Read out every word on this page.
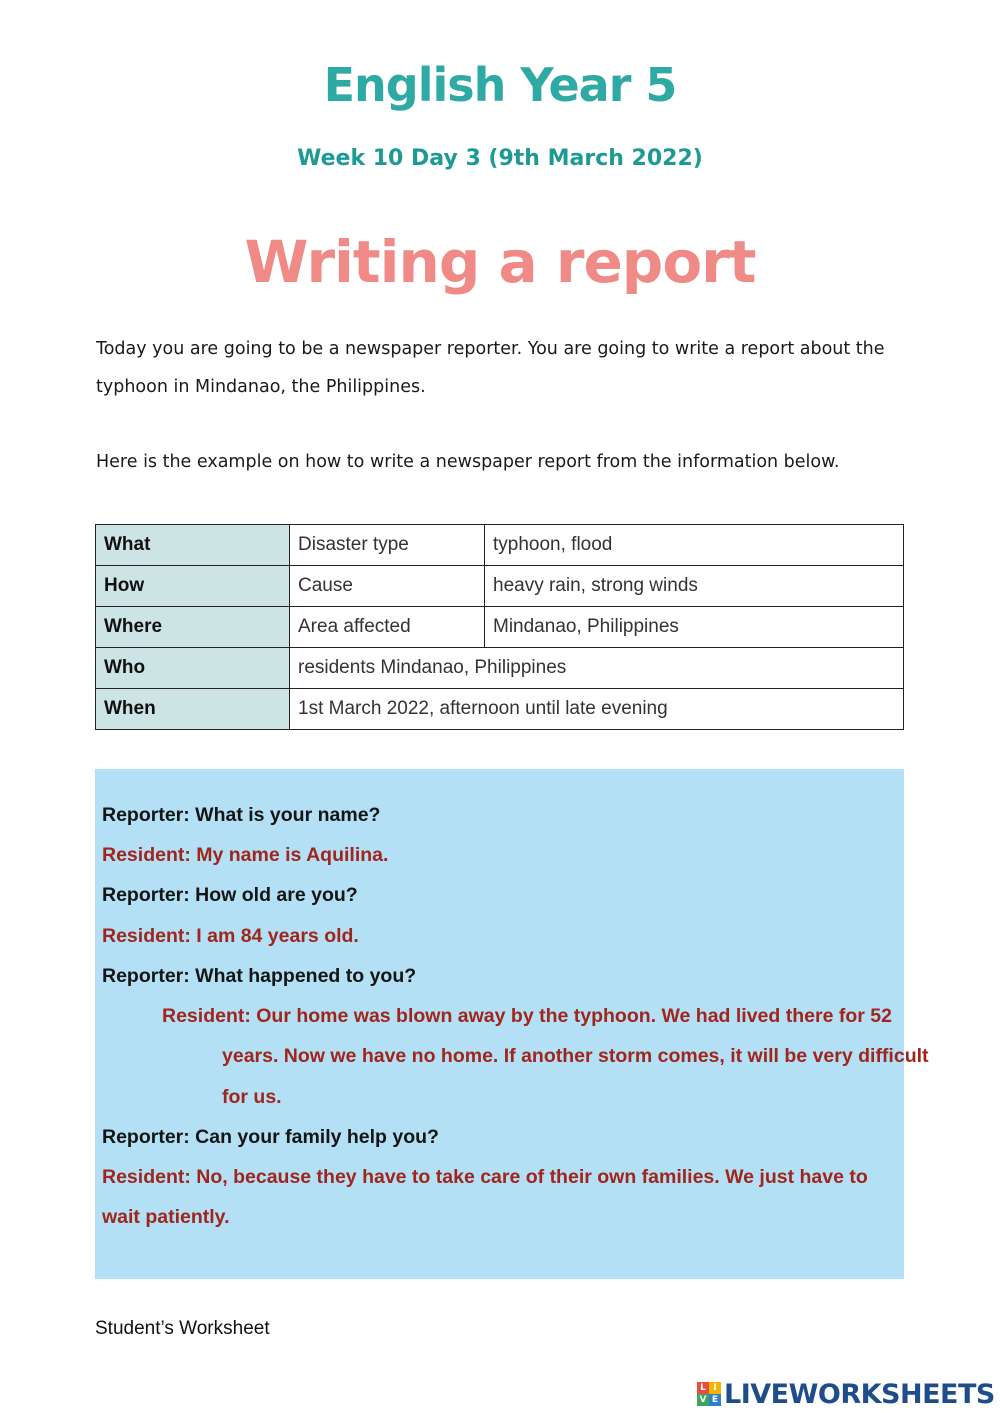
English Year 5
Week 10 Day 3 (9th March 2022)
Writing a report
Today you are going to be a newspaper reporter. You are going to write a report about the typhoon in Mindanao, the Philippines.
Here is the example on how to write a newspaper report from the information below.
What	Disaster type	typhoon, flood
How	Cause	heavy rain, strong winds
Where	Area affected	Mindanao, Philippines
Who	residents Mindanao, Philippines	
When	1st March 2022, afternoon until late evening	
Reporter: What is your name?
Resident: My name is Aquilina.
Reporter: How old are you?
Resident: I am 84 years old.
Reporter: What happened to you?
Resident: Our home was blown away by the typhoon. We had lived there for 52 years. Now we have no home. If another storm comes, it will be very difficult for us.
Reporter: Can your family help you?
Resident: No, because they have to take care of their own families. We just have to wait patiently.
Student’s Worksheet
L I
V E LIVEWORKSHEETS
